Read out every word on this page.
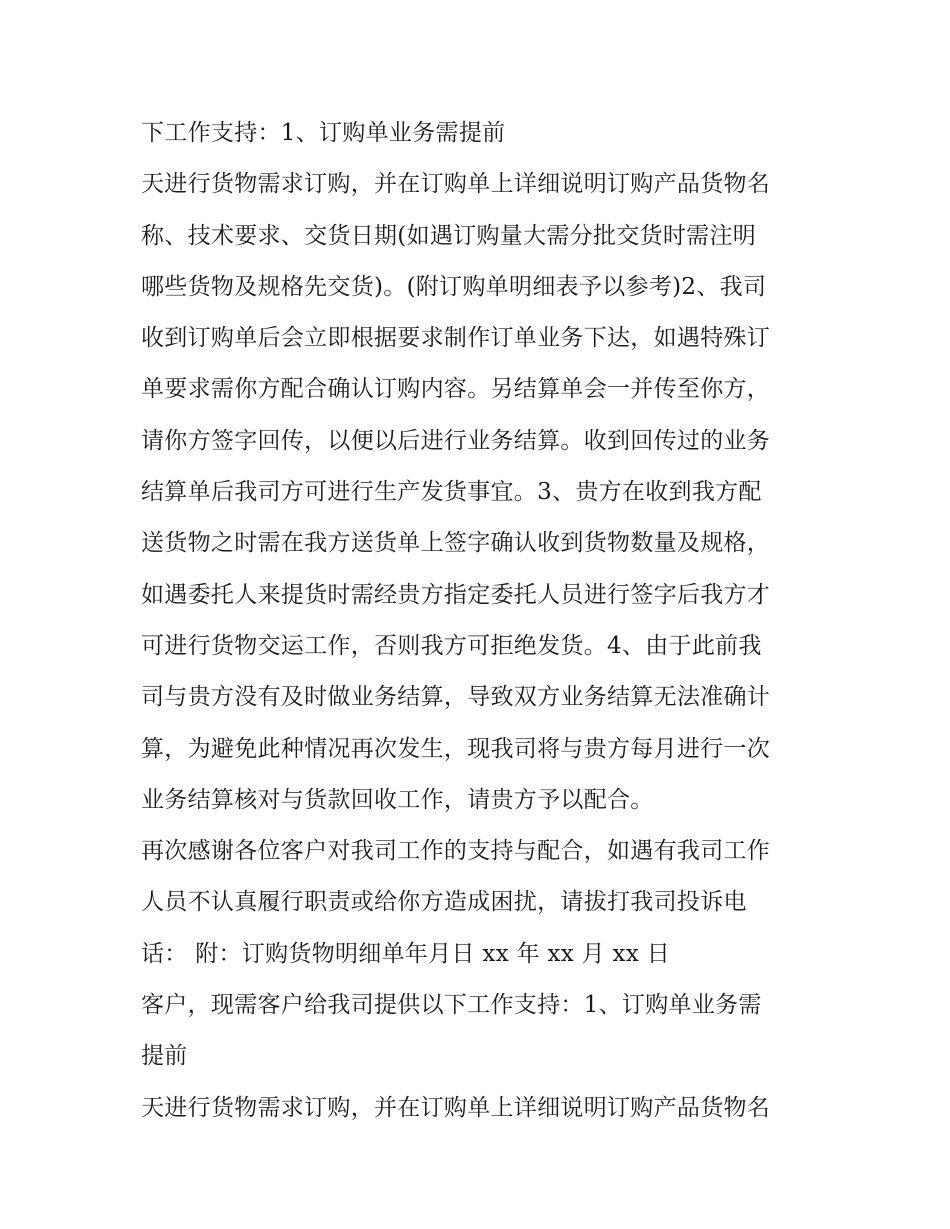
下工作支持：1、订购单业务需提前
天进行货物需求订购，并在订购单上详细说明订购产品货物名
称、技术要求、交货日期(如遇订购量大需分批交货时需注明
哪些货物及规格先交货)。(附订购单明细表予以参考)2、我司
收到订购单后会立即根据要求制作订单业务下达，如遇特殊订
单要求需你方配合确认订购内容。另结算单会一并传至你方，
请你方签字回传，以便以后进行业务结算。收到回传过的业务
结算单后我司方可进行生产发货事宜。3、贵方在收到我方配
送货物之时需在我方送货单上签字确认收到货物数量及规格，
如遇委托人来提货时需经贵方指定委托人员进行签字后我方才
可进行货物交运工作，否则我方可拒绝发货。4、由于此前我
司与贵方没有及时做业务结算，导致双方业务结算无法准确计
算，为避免此种情况再次发生，现我司将与贵方每月进行一次
业务结算核对与货款回收工作，请贵方予以配合。
再次感谢各位客户对我司工作的支持与配合，如遇有我司工作
人员不认真履行职责或给你方造成困扰，请拔打我司投诉电
话： 附：订购货物明细单年月日 xx 年 xx 月 xx 日
客户，现需客户给我司提供以下工作支持：1、订购单业务需
提前
天进行货物需求订购，并在订购单上详细说明订购产品货物名
